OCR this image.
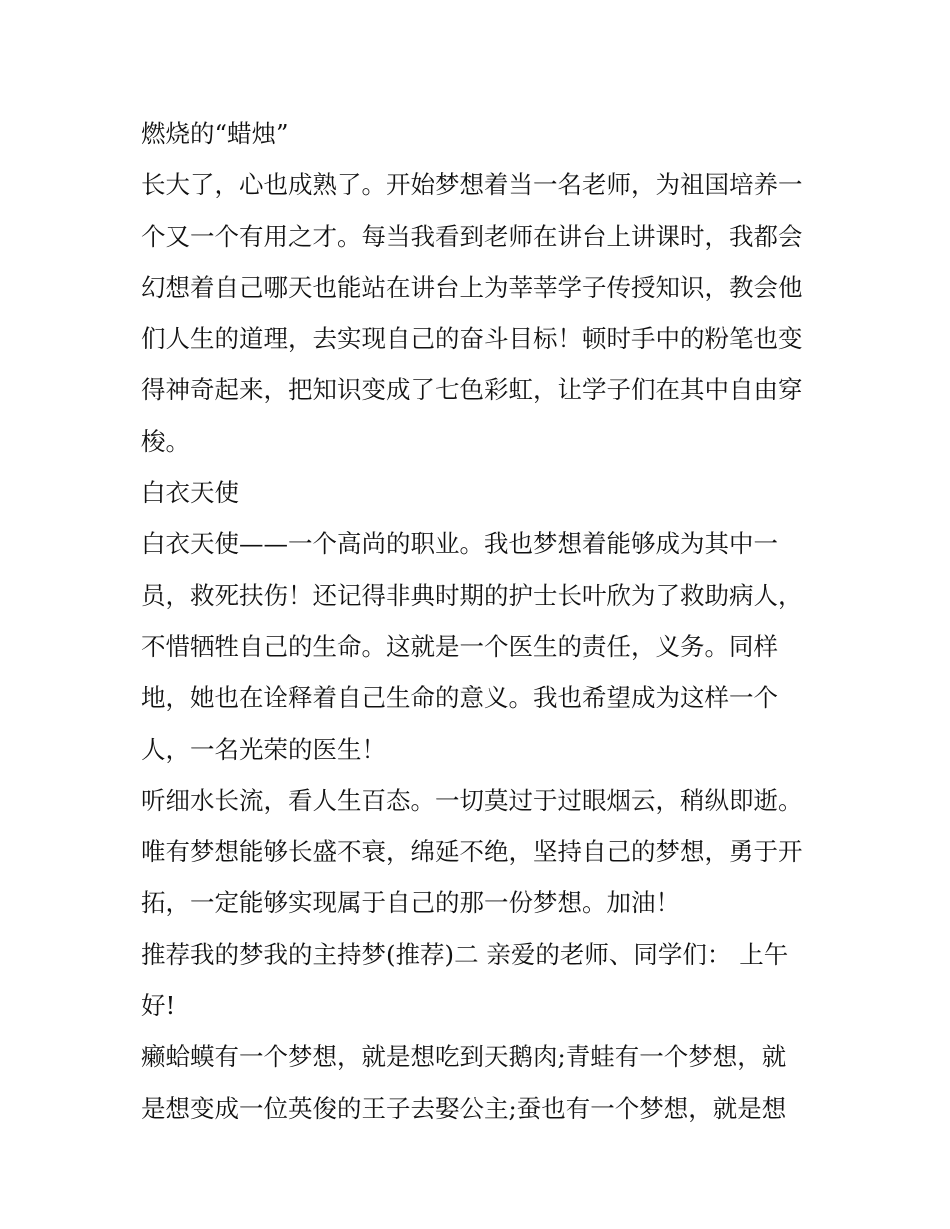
燃烧的“蜡烛”
长大了，心也成熟了。开始梦想着当一名老师，为祖国培养一
个又一个有用之才。每当我看到老师在讲台上讲课时，我都会
幻想着自己哪天也能站在讲台上为莘莘学子传授知识，教会他
们人生的道理，去实现自己的奋斗目标！顿时手中的粉笔也变
得神奇起来，把知识变成了七色彩虹，让学子们在其中自由穿
梭。
白衣天使
白衣天使——一个高尚的职业。我也梦想着能够成为其中一
员，救死扶伤！还记得非典时期的护士长叶欣为了救助病人，
不惜牺牲自己的生命。这就是一个医生的责任，义务。同样
地，她也在诠释着自己生命的意义。我也希望成为这样一个
人，一名光荣的医生！
听细水长流，看人生百态。一切莫过于过眼烟云，稍纵即逝。
唯有梦想能够长盛不衰，绵延不绝，坚持自己的梦想，勇于开
拓，一定能够实现属于自己的那一份梦想。加油！
推荐我的梦我的主持梦(推荐)二 亲爱的老师、同学们： 上午
好!
癞蛤蟆有一个梦想，就是想吃到天鹅肉;青蛙有一个梦想，就
是想变成一位英俊的王子去娶公主;蚕也有一个梦想，就是想
